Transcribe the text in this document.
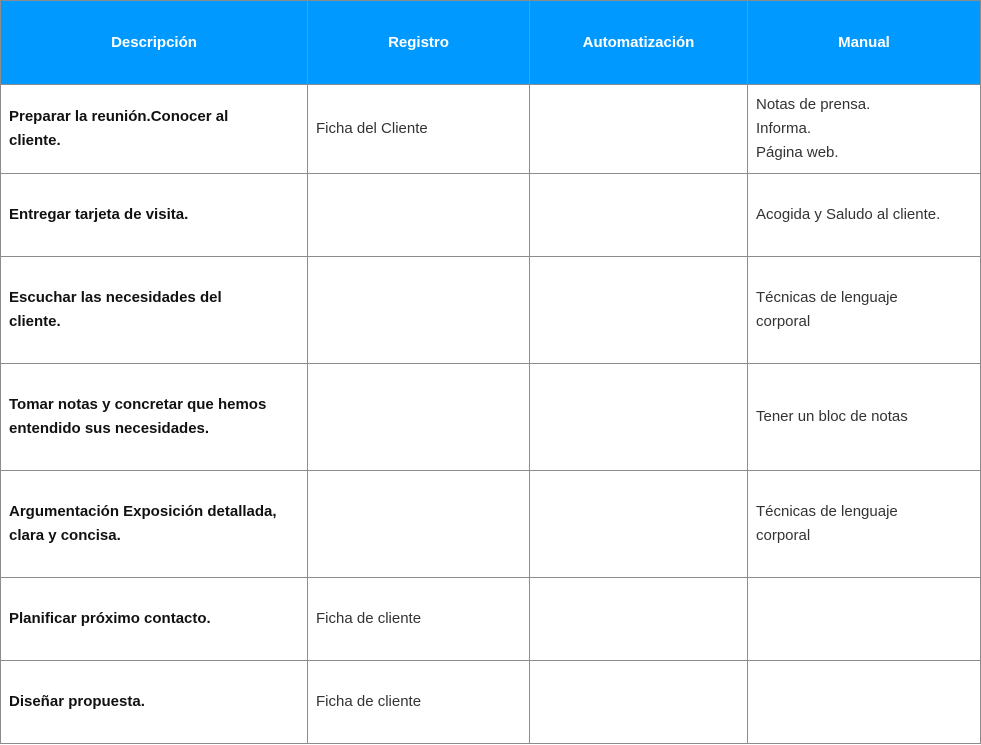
Descripción	Registro	Automatización	Manual

Preparar la reunión.Conocer al
cliente.	Ficha del Cliente		Notas de prensa.
Informa.
Página web.

Entregar tarjeta de visita.			Acogida y Saludo al cliente.

Escuchar las necesidades del
cliente.			Técnicas de lenguaje
corporal

Tomar notas y concretar que hemos
entendido sus necesidades.			Tener un bloc de notas

Argumentación Exposición detallada,
clara y concisa.			Técnicas de lenguaje
corporal

Planificar próximo contacto.	Ficha de cliente		

Diseñar propuesta.	Ficha de cliente		
